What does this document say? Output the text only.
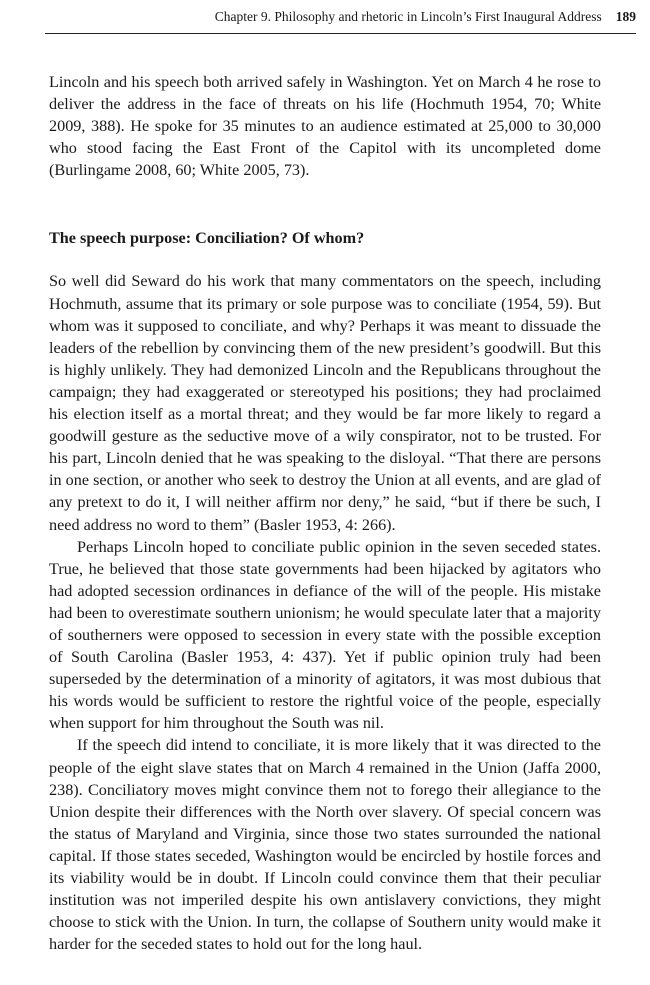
Chapter 9. Philosophy and rhetoric in Lincoln’s First Inaugural Address 189

Lincoln and his speech both arrived safely in Washington. Yet on March 4 he rose to deliver the address in the face of threats on his life (Hochmuth 1954, 70; White 2009, 388). He spoke for 35 minutes to an audience estimated at 25,000 to 30,000 who stood facing the East Front of the Capitol with its uncompleted dome (Burlingame 2008, 60; White 2005, 73).

The speech purpose: Conciliation? Of whom?

So well did Seward do his work that many commentators on the speech, including Hochmuth, assume that its primary or sole purpose was to conciliate (1954, 59). But whom was it supposed to conciliate, and why? Perhaps it was meant to dissuade the leaders of the rebellion by convincing them of the new president’s goodwill. But this is highly unlikely. They had demonized Lincoln and the Republicans throughout the campaign; they had exaggerated or stereotyped his positions; they had proclaimed his election itself as a mortal threat; and they would be far more likely to regard a goodwill gesture as the seductive move of a wily conspirator, not to be trusted. For his part, Lincoln denied that he was speaking to the disloyal. “That there are persons in one section, or another who seek to destroy the Union at all events, and are glad of any pretext to do it, I will neither affirm nor deny,” he said, “but if there be such, I need address no word to them” (Basler 1953, 4: 266).

Perhaps Lincoln hoped to conciliate public opinion in the seven seceded states. True, he believed that those state governments had been hijacked by agitators who had adopted secession ordinances in defiance of the will of the people. His mistake had been to overestimate southern unionism; he would speculate later that a majority of southerners were opposed to secession in every state with the possible exception of South Carolina (Basler 1953, 4: 437). Yet if public opinion truly had been superseded by the determination of a minority of agitators, it was most dubious that his words would be sufficient to restore the rightful voice of the people, especially when support for him throughout the South was nil.

If the speech did intend to conciliate, it is more likely that it was directed to the people of the eight slave states that on March 4 remained in the Union (Jaffa 2000, 238). Conciliatory moves might convince them not to forego their allegiance to the Union despite their differences with the North over slavery. Of special concern was the status of Maryland and Virginia, since those two states surrounded the national capital. If those states seceded, Washington would be encircled by hostile forces and its viability would be in doubt. If Lincoln could convince them that their peculiar institution was not imperiled despite his own antislavery convictions, they might choose to stick with the Union. In turn, the collapse of Southern unity would make it harder for the seceded states to hold out for the long haul.
